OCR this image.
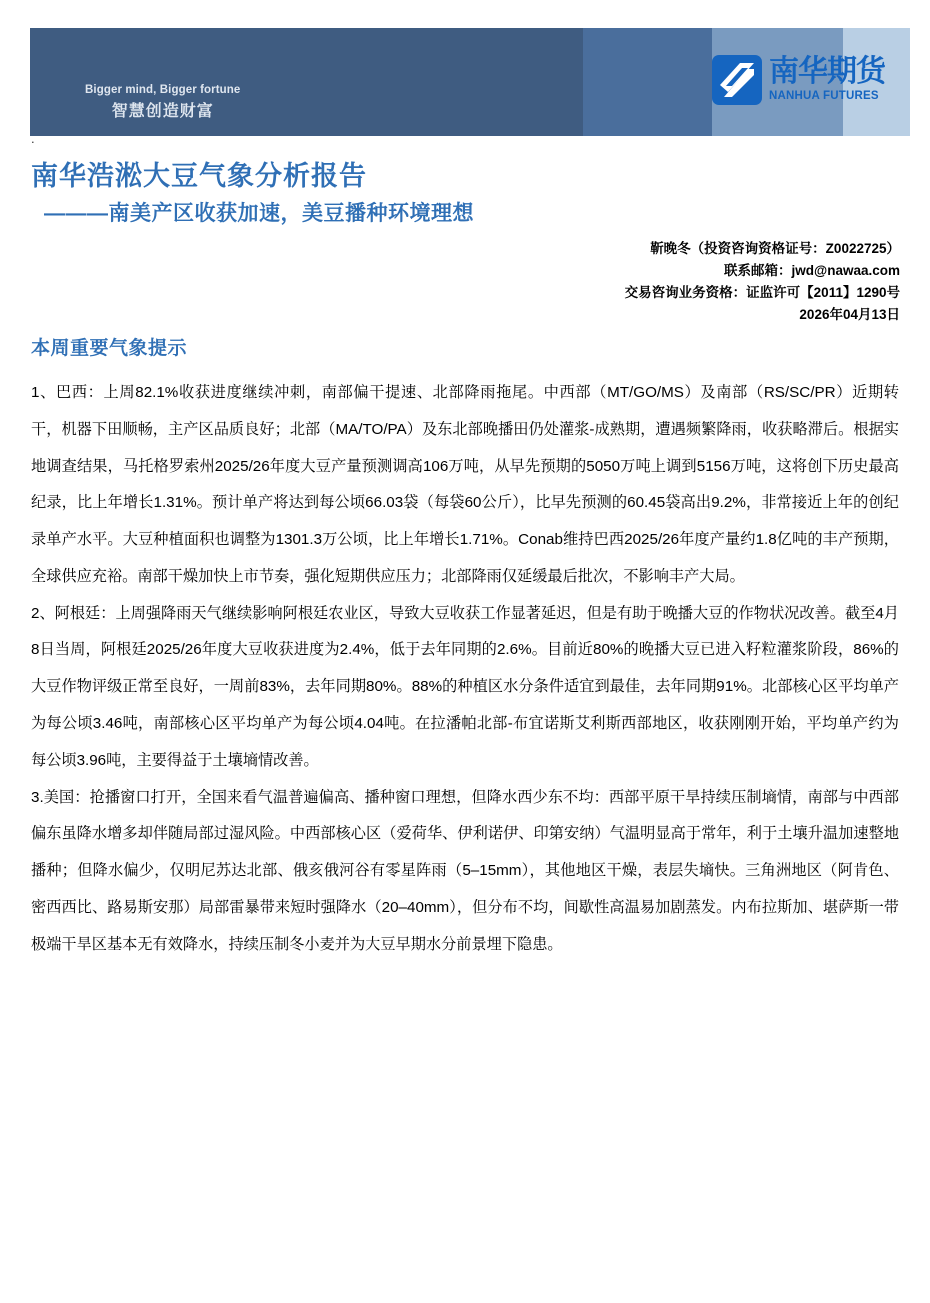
Bigger mind, Bigger fortune
智慧创造财富
南华期货
NANHUA FUTURES
.
南华浩淞大豆气象分析报告
———南美产区收获加速，美豆播种环境理想
靳晚冬（投资咨询资格证号：Z0022725）
联系邮箱：jwd@nawaa.com
交易咨询业务资格：证监许可【2011】1290号
2026年04月13日
本周重要气象提示

1、巴西：上周82.1%收获进度继续冲刺，南部偏干提速、北部降雨拖尾。中西部（MT/GO/MS）及南部（RS/SC/PR）近期转干，机器下田顺畅，主产区品质良好；北部（MA/TO/PA）及东北部晚播田仍处灌浆-成熟期，遭遇频繁降雨，收获略滞后。根据实地调查结果，马托格罗索州2025/26年度大豆产量预测调高106万吨，从早先预期的5050万吨上调到5156万吨，这将创下历史最高纪录，比上年增长1.31%。预计单产将达到每公顷66.03袋（每袋60公斤），比早先预测的60.45袋高出9.2%，非常接近上年的创纪录单产水平。大豆种植面积也调整为1301.3万公顷，比上年增长1.71%。Conab维持巴西2025/26年度产量约1.8亿吨的丰产预期，全球供应充裕。南部干燥加快上市节奏，强化短期供应压力；北部降雨仅延缓最后批次，不影响丰产大局。

2、阿根廷：上周强降雨天气继续影响阿根廷农业区，导致大豆收获工作显著延迟，但是有助于晚播大豆的作物状况改善。截至4月8日当周，阿根廷2025/26年度大豆收获进度为2.4%，低于去年同期的2.6%。目前近80%的晚播大豆已进入籽粒灌浆阶段，86%的大豆作物评级正常至良好，一周前83%，去年同期80%。88%的种植区水分条件适宜到最佳，去年同期91%。北部核心区平均单产为每公顷3.46吨，南部核心区平均单产为每公顷4.04吨。在拉潘帕北部-布宜诺斯艾利斯西部地区，收获刚刚开始，平均单产约为每公顷3.96吨，主要得益于土壤墒情改善。

3.美国：抢播窗口打开，全国来看气温普遍偏高、播种窗口理想，但降水西少东不均：西部平原干旱持续压制墒情，南部与中西部偏东虽降水增多却伴随局部过湿风险。中西部核心区（爱荷华、伊利诺伊、印第安纳）气温明显高于常年，利于土壤升温加速整地播种；但降水偏少，仅明尼苏达北部、俄亥俄河谷有零星阵雨（5–15mm），其他地区干燥，表层失墒快。三角洲地区（阿肯色、密西西比、路易斯安那）局部雷暴带来短时强降水（20–40mm），但分布不均，间歇性高温易加剧蒸发。内布拉斯加、堪萨斯一带极端干旱区基本无有效降水，持续压制冬小麦并为大豆早期水分前景埋下隐患。
